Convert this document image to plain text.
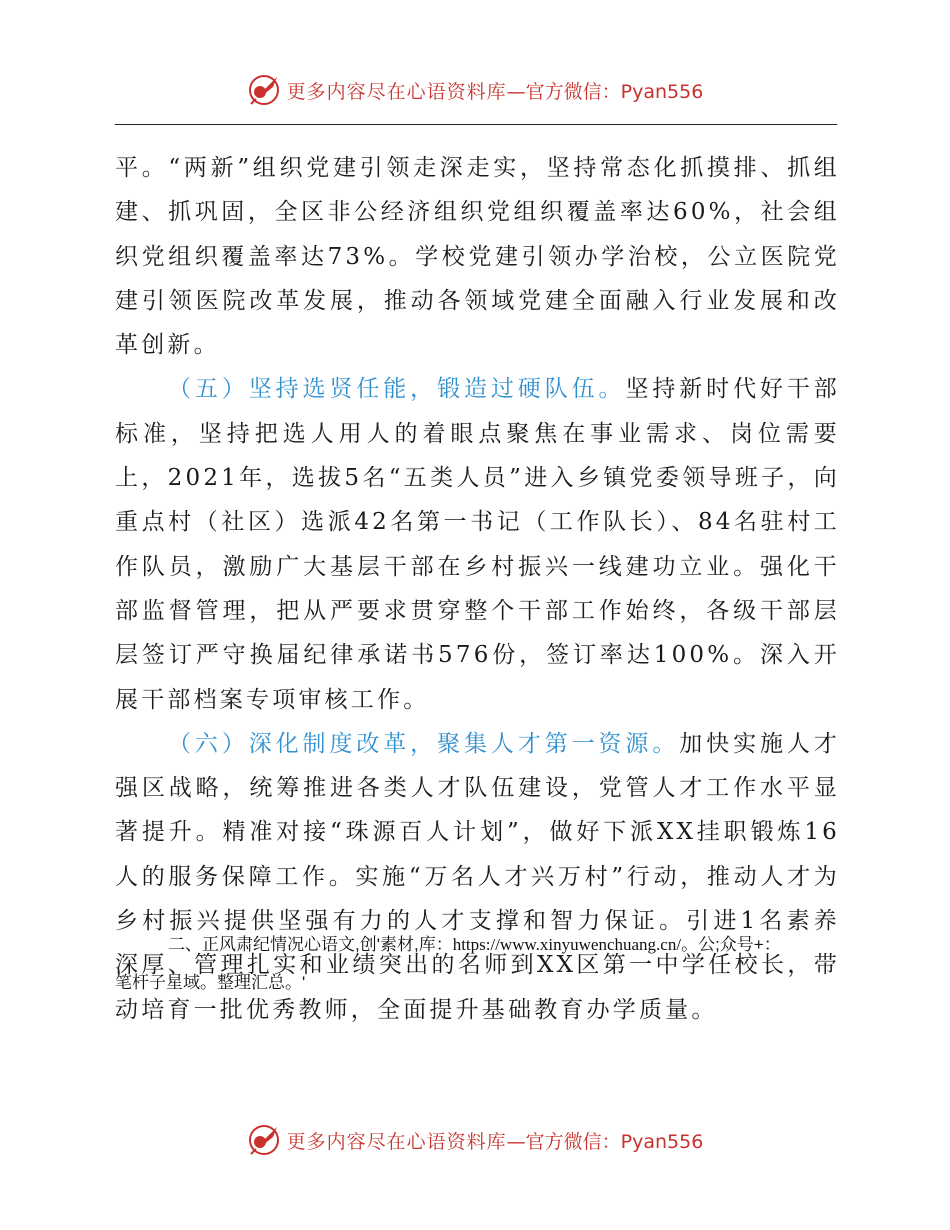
更多内容尽在心语资料库 —官方微信：Pyan556

平。“两新”组织党建引领走深走实，坚持常态化抓摸排、抓组建、抓巩固，全区非公经济组织党组织覆盖率达60%，社会组织党组织覆盖率达73%。学校党建引领办学治校，公立医院党建引领医院改革发展，推动各领域党建全面融入行业发展和改革创新。

（五）坚持选贤任能，锻造过硬队伍。坚持新时代好干部标准，坚持把选人用人的着眼点聚焦在事业需求、岗位需要上，2021年，选拔5名“五类人员”进入乡镇党委领导班子，向重点村（社区）选派42名第一书记（工作队长）、84名驻村工作队员，激励广大基层干部在乡村振兴一线建功立业。强化干部监督管理，把从严要求贯穿整个干部工作始终，各级干部层层签订严守换届纪律承诺书576份，签订率达100%。深入开展干部档案专项审核工作。

（六）深化制度改革，聚集人才第一资源。加快实施人才强区战略，统筹推进各类人才队伍建设，党管人才工作水平显著提升。精准对接“珠源百人计划”，做好下派XX挂职锻炼16人的服务保障工作。实施“万名人才兴万村”行动，推动人才为乡村振兴提供坚强有力的人才支撑和智力保证。引进1名素养深厚、管理扎实和业绩突出的名师到XX区第一中学任校长，带动培育一批优秀教师，全面提升基础教育办学质量。

二、正风肃纪情况心语文,创'素材,库：https://www.xinyuwenchuang.cn/。公;众号+：

笔杆子星域。整理汇总。'

更多内容尽在心语资料库 —官方微信：Pyan556
